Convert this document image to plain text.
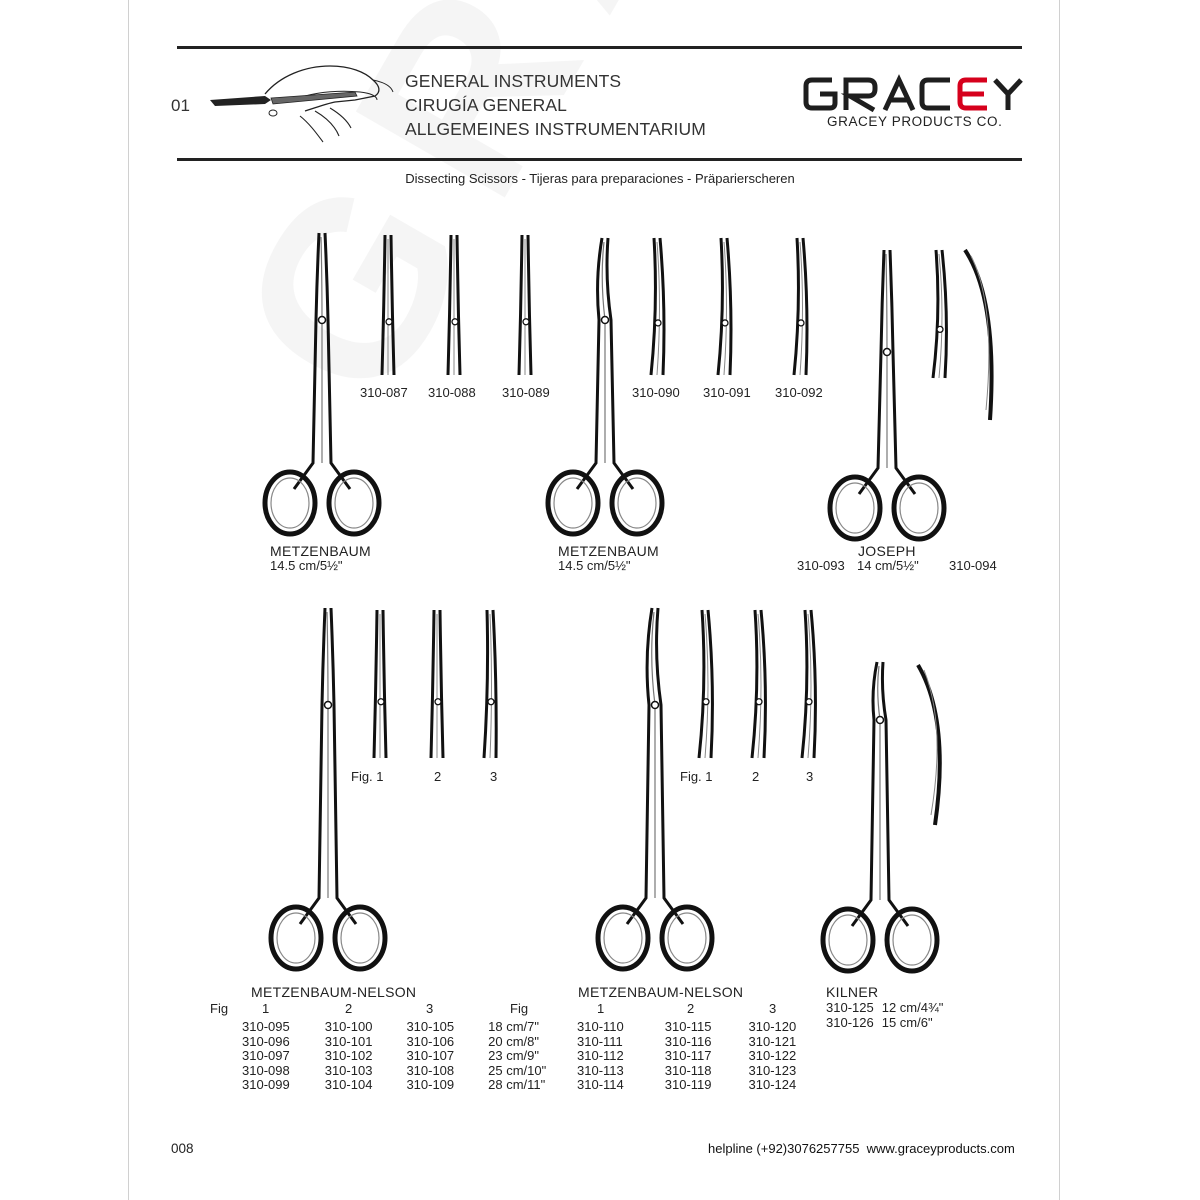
01
GENERAL INSTRUMENTS
CIRUGÍA GENERAL
ALLGEMEINES INSTRUMENTARIUM	GRACEY PRODUCTS CO.
Dissecting Scissors - Tijeras para preparaciones - Präparierscheren
310-087 310-088 310-089
METZENBAUM
14.5 cm/5½"
310-090 310-091 310-092
METZENBAUM
14.5 cm/5½"
JOSEPH
310-093 14 cm/5½" 310-094
Fig. 1	2	3
METZENBAUM-NELSON
Fig	1	2	3
310-095	310-100	310-105	18 cm/7"
310-096	310-101	310-106	20 cm/8"
310-097	310-102	310-107	23 cm/9"
310-098	310-103	310-108	25 cm/10"
310-099	310-104	310-109	28 cm/11"
Fig. 1	2	3
METZENBAUM-NELSON
Fig	1	2	3
310-110	310-115	310-120
310-111	310-116	310-121
310-112	310-117	310-122
310-113	310-118	310-123
310-114	310-119	310-124
KILNER
310-125	12 cm/4¾"
310-126	15 cm/6"
008	helpline (+92)3076257755  www.graceyproducts.com
